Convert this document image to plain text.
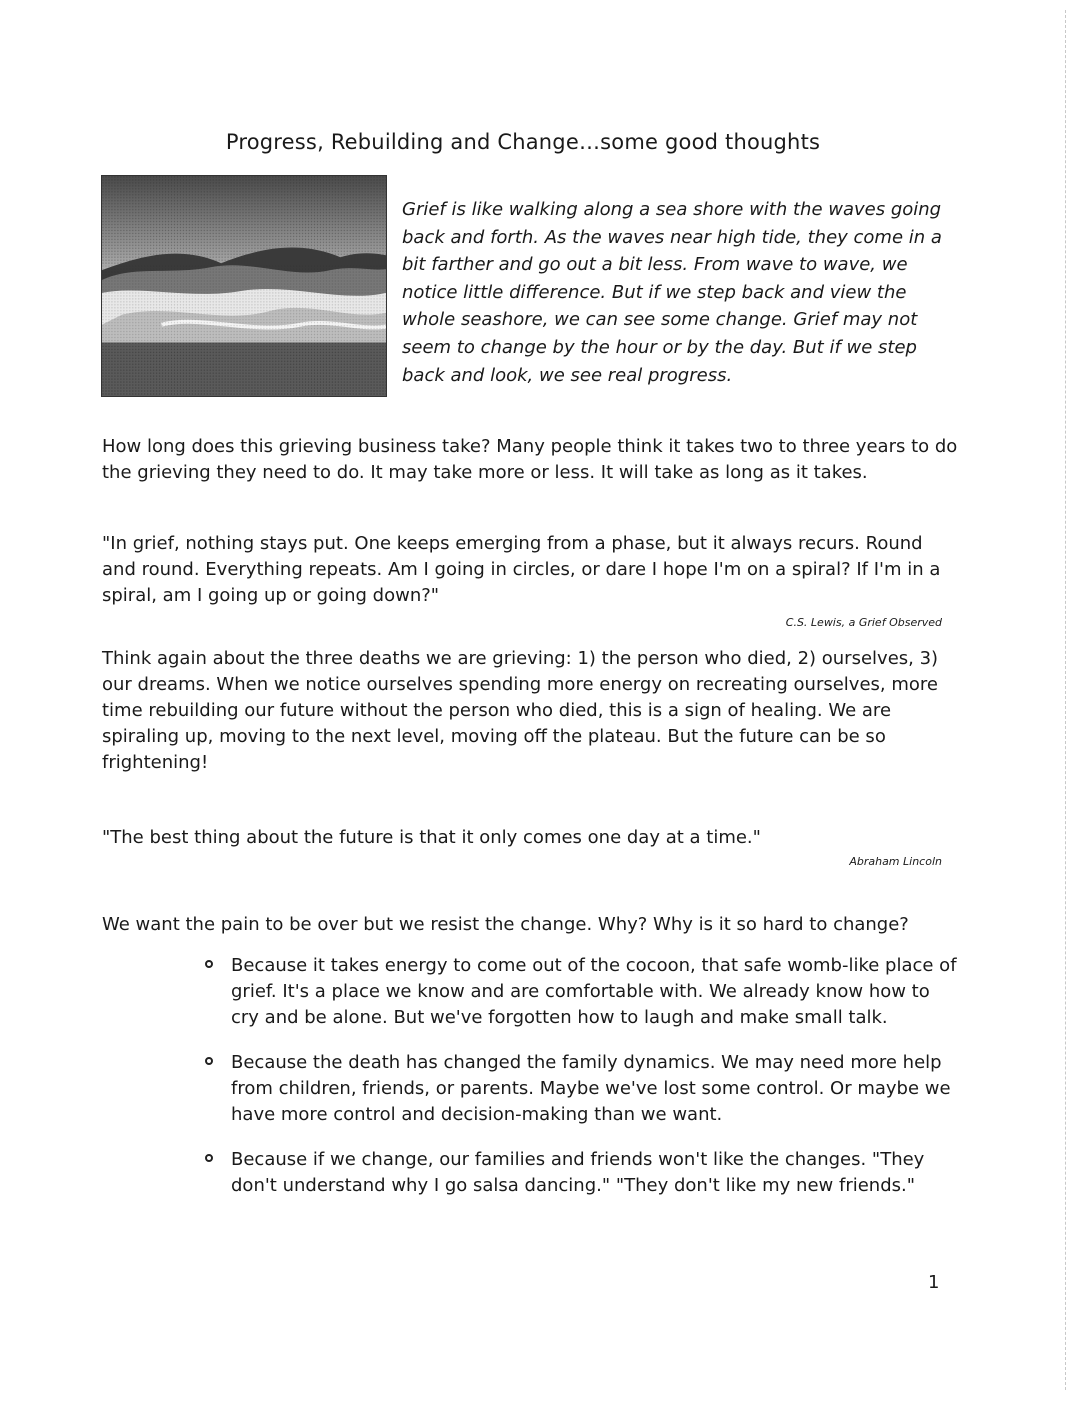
Progress, Rebuilding and Change…some good thoughts
Grief is like walking along a sea shore with the waves going back and forth. As the waves near high tide, they come in a bit farther and go out a bit less. From wave to wave, we notice little difference. But if we step back and view the whole seashore, we can see some change. Grief may not seem to change by the hour or by the day. But if we step back and look, we see real progress.
How long does this grieving business take? Many people think it takes two to three years to do the grieving they need to do. It may take more or less. It will take as long as it takes.
"In grief, nothing stays put. One keeps emerging from a phase, but it always recurs. Round and round. Everything repeats. Am I going in circles, or dare I hope I'm on a spiral? If I'm in a spiral, am I going up or going down?"
C.S. Lewis, a Grief Observed
Think again about the three deaths we are grieving: 1) the person who died, 2) ourselves, 3) our dreams. When we notice ourselves spending more energy on recreating ourselves, more time rebuilding our future without the person who died, this is a sign of healing. We are spiraling up, moving to the next level, moving off the plateau. But the future can be so frightening!
"The best thing about the future is that it only comes one day at a time."
Abraham Lincoln
We want the pain to be over but we resist the change. Why? Why is it so hard to change?
Because it takes energy to come out of the cocoon, that safe womb-like place of grief. It's a place we know and are comfortable with. We already know how to cry and be alone. But we've forgotten how to laugh and make small talk.
Because the death has changed the family dynamics. We may need more help from children, friends, or parents. Maybe we've lost some control. Or maybe we have more control and decision-making than we want.
Because if we change, our families and friends won't like the changes. "They don't understand why I go salsa dancing." "They don't like my new friends."
1
